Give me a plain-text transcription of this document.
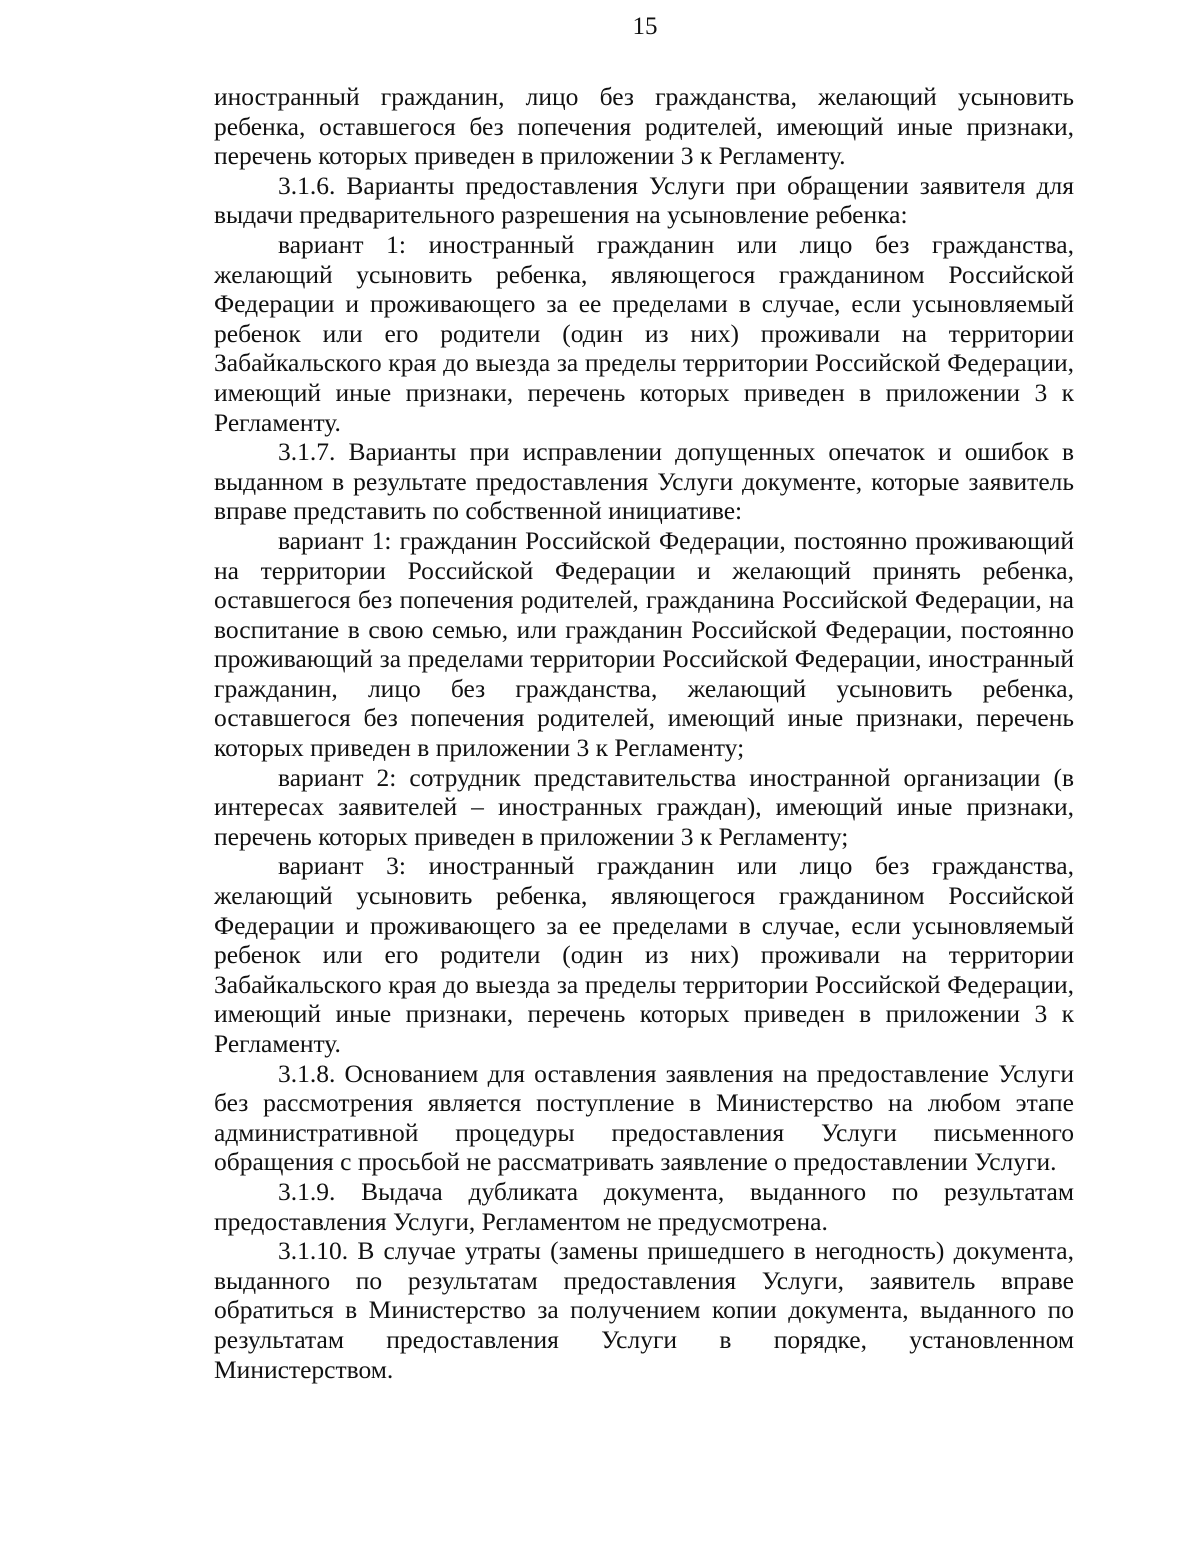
15

иностранный гражданин, лицо без гражданства, желающий усыновить ребенка, оставшегося без попечения родителей, имеющий иные признаки, перечень которых приведен в приложении 3 к Регламенту.

3.1.6. Варианты предоставления Услуги при обращении заявителя для выдачи предварительного разрешения на усыновление ребенка:

вариант 1: иностранный гражданин или лицо без гражданства, желающий усыновить ребенка, являющегося гражданином Российской Федерации и проживающего за ее пределами в случае, если усыновляемый ребенок или его родители (один из них) проживали на территории Забайкальского края до выезда за пределы территории Российской Федерации, имеющий иные признаки, перечень которых приведен в приложении 3 к Регламенту.

3.1.7. Варианты при исправлении допущенных опечаток и ошибок в выданном в результате предоставления Услуги документе, которые заявитель вправе представить по собственной инициативе:

вариант 1: гражданин Российской Федерации, постоянно проживающий на территории Российской Федерации и желающий принять ребенка, оставшегося без попечения родителей, гражданина Российской Федерации, на воспитание в свою семью, или гражданин Российской Федерации, постоянно проживающий за пределами территории Российской Федерации, иностранный гражданин, лицо без гражданства, желающий усыновить ребенка, оставшегося без попечения родителей, имеющий иные признаки, перечень которых приведен в приложении 3 к Регламенту;

вариант 2: сотрудник представительства иностранной организации (в интересах заявителей – иностранных граждан), имеющий иные признаки, перечень которых приведен в приложении 3 к Регламенту;

вариант 3: иностранный гражданин или лицо без гражданства, желающий усыновить ребенка, являющегося гражданином Российской Федерации и проживающего за ее пределами в случае, если усыновляемый ребенок или его родители (один из них) проживали на территории Забайкальского края до выезда за пределы территории Российской Федерации, имеющий иные признаки, перечень которых приведен в приложении 3 к Регламенту.

3.1.8. Основанием для оставления заявления на предоставление Услуги без рассмотрения является поступление в Министерство на любом этапе административной процедуры предоставления Услуги письменного обращения с просьбой не рассматривать заявление о предоставлении Услуги.

3.1.9. Выдача дубликата документа, выданного по результатам предоставления Услуги, Регламентом не предусмотрена.

3.1.10. В случае утраты (замены пришедшего в негодность) документа, выданного по результатам предоставления Услуги, заявитель вправе обратиться в Министерство за получением копии документа, выданного по результатам предоставления Услуги в порядке, установленном Министерством.
